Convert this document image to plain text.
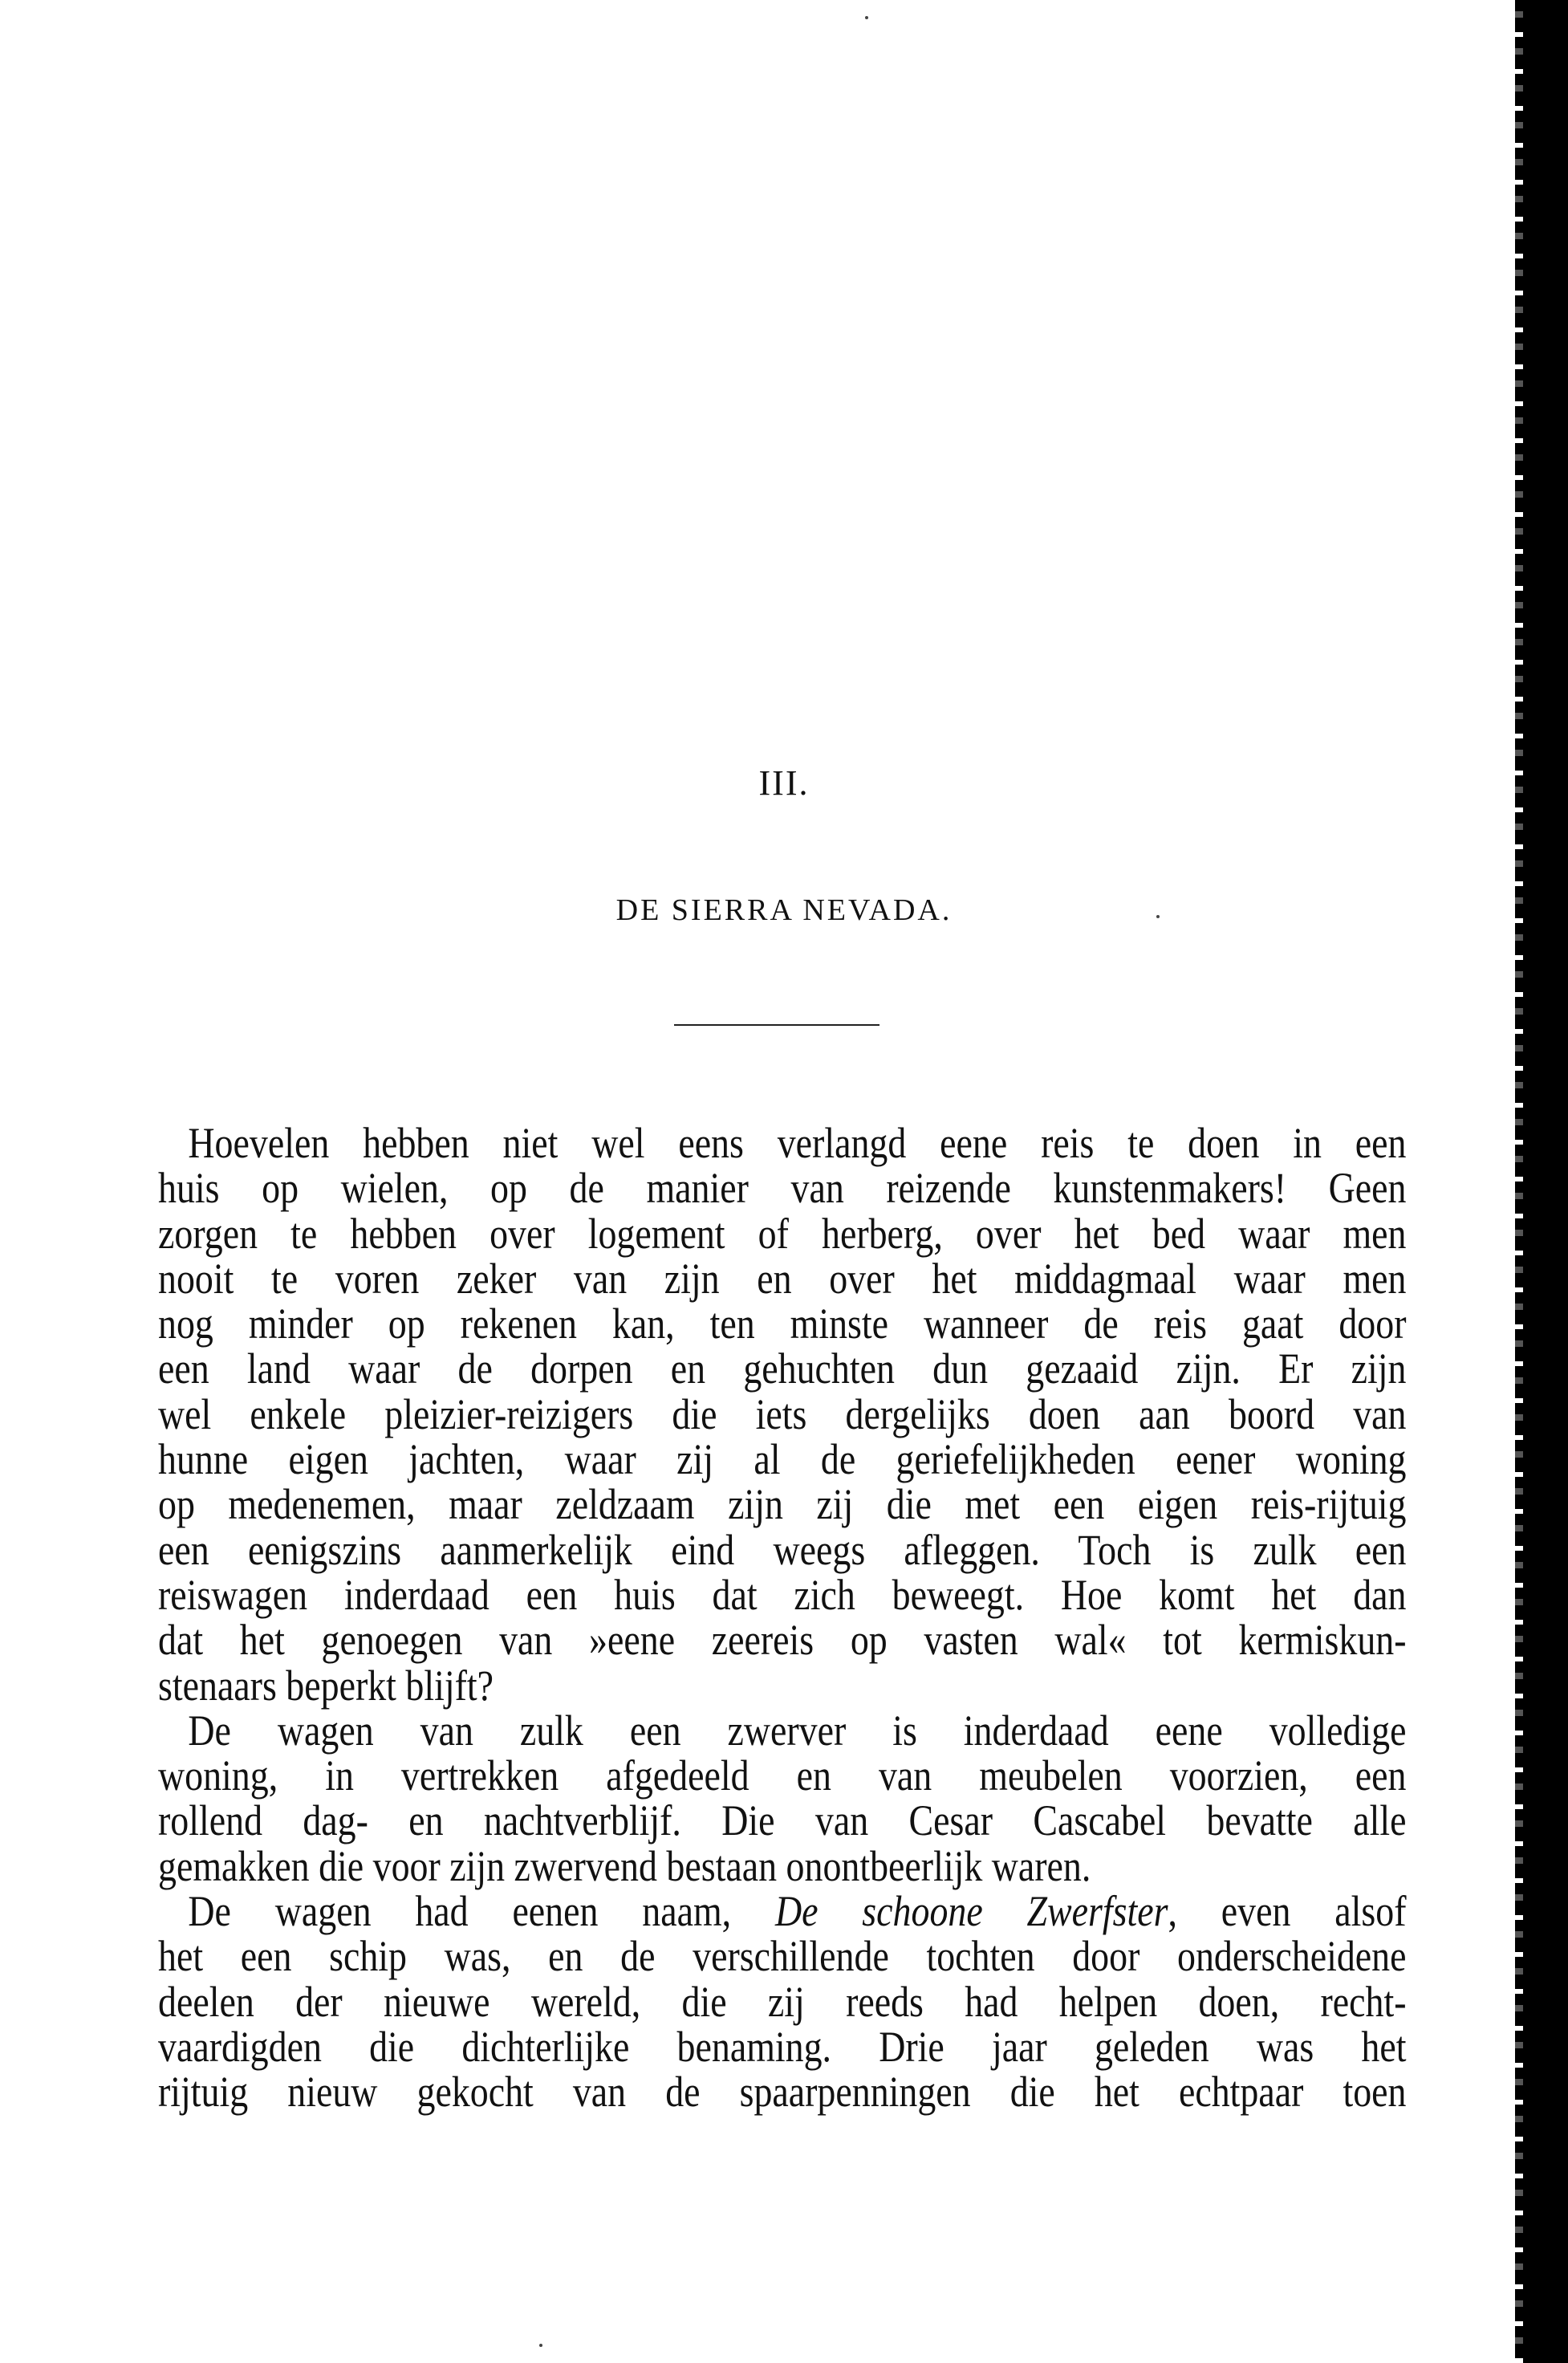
III.
DE SIERRA NEVADA.
Hoevelen hebben niet wel eens verlangd eene reis te doen in een
huis op wielen, op de manier van reizende kunstenmakers! Geen
zorgen te hebben over logement of herberg, over het bed waar men
nooit te voren zeker van zijn en over het middagmaal waar men
nog minder op rekenen kan, ten minste wanneer de reis gaat door
een land waar de dorpen en gehuchten dun gezaaid zijn. Er zijn
wel enkele pleizier-reizigers die iets dergelijks doen aan boord van
hunne eigen jachten, waar zij al de geriefelijkheden eener woning
op medenemen, maar zeldzaam zijn zij die met een eigen reis-rijtuig
een eenigszins aanmerkelijk eind weegs afleggen. Toch is zulk een
reiswagen inderdaad een huis dat zich beweegt. Hoe komt het dan
dat het genoegen van »eene zeereis op vasten wal« tot kermiskun-
stenaars beperkt blijft?
De wagen van zulk een zwerver is inderdaad eene volledige
woning, in vertrekken afgedeeld en van meubelen voorzien, een
rollend dag- en nachtverblijf. Die van Cesar Cascabel bevatte alle
gemakken die voor zijn zwervend bestaan onontbeerlijk waren.
De wagen had eenen naam, De schoone Zwerfster, even alsof
het een schip was, en de verschillende tochten door onderscheidene
deelen der nieuwe wereld, die zij reeds had helpen doen, recht-
vaardigden die dichterlijke benaming. Drie jaar geleden was het
rijtuig nieuw gekocht van de spaarpenningen die het echtpaar toen
